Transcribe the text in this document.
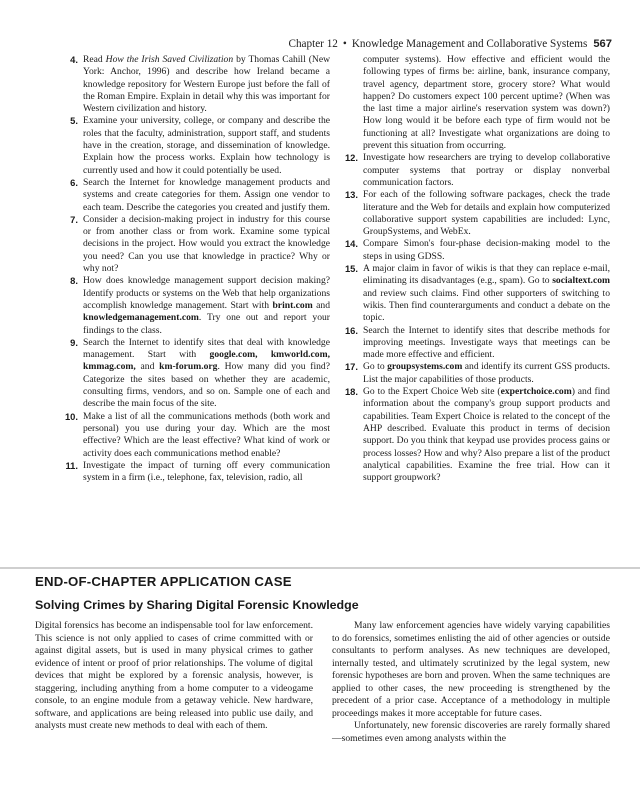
Chapter 12 • Knowledge Management and Collaborative Systems 567
4. Read How the Irish Saved Civilization by Thomas Cahill (New York: Anchor, 1996) and describe how Ireland became a knowledge repository for Western Europe just before the fall of the Roman Empire. Explain in detail why this was important for Western civilization and history.
5. Examine your university, college, or company and describe the roles that the faculty, administration, support staff, and students have in the creation, storage, and dissemination of knowledge. Explain how the process works. Explain how technology is currently used and how it could potentially be used.
6. Search the Internet for knowledge management products and systems and create categories for them. Assign one vendor to each team. Describe the categories you created and justify them.
7. Consider a decision-making project in industry for this course or from another class or from work. Examine some typical decisions in the project. How would you extract the knowledge you need? Can you use that knowledge in practice? Why or why not?
8. How does knowledge management support decision making? Identify products or systems on the Web that help organizations accomplish knowledge management. Start with brint.com and knowledgemanagement.com. Try one out and report your findings to the class.
9. Search the Internet to identify sites that deal with knowledge management. Start with google.com, kmworld.com, kmmag.com, and km-forum.org. How many did you find? Categorize the sites based on whether they are academic, consulting firms, vendors, and so on. Sample one of each and describe the main focus of the site.
10. Make a list of all the communications methods (both work and personal) you use during your day. Which are the most effective? Which are the least effective? What kind of work or activity does each communications method enable?
11. Investigate the impact of turning off every communication system in a firm (i.e., telephone, fax, television, radio, all
computer systems). How effective and efficient would the following types of firms be: airline, bank, insurance company, travel agency, department store, grocery store? What would happen? Do customers expect 100 percent uptime? (When was the last time a major airline's reservation system was down?) How long would it be before each type of firm would not be functioning at all? Investigate what organizations are doing to prevent this situation from occurring.
12. Investigate how researchers are trying to develop collaborative computer systems that portray or display nonverbal communication factors.
13. For each of the following software packages, check the trade literature and the Web for details and explain how computerized collaborative support system capabilities are included: Lync, GroupSystems, and WebEx.
14. Compare Simon's four-phase decision-making model to the steps in using GDSS.
15. A major claim in favor of wikis is that they can replace e-mail, eliminating its disadvantages (e.g., spam). Go to socialtext.com and review such claims. Find other supporters of switching to wikis. Then find counterarguments and conduct a debate on the topic.
16. Search the Internet to identify sites that describe methods for improving meetings. Investigate ways that meetings can be made more effective and efficient.
17. Go to groupsystems.com and identify its current GSS products. List the major capabilities of those products.
18. Go to the Expert Choice Web site (expertchoice.com) and find information about the company's group support products and capabilities. Team Expert Choice is related to the concept of the AHP described. Evaluate this product in terms of decision support. Do you think that keypad use provides process gains or process losses? How and why? Also prepare a list of the product analytical capabilities. Examine the free trial. How can it support groupwork?
END-OF-CHAPTER APPLICATION CASE
Solving Crimes by Sharing Digital Forensic Knowledge

Digital forensics has become an indispensable tool for law enforcement. This science is not only applied to cases of crime committed with or against digital assets, but is used in many physical crimes to gather evidence of intent or proof of prior relationships. The volume of digital devices that might be explored by a forensic analysis, however, is staggering, including anything from a home computer to a videogame console, to an engine module from a getaway vehicle. New hardware, software, and applications are being released into public use daily, and analysts must create new methods to deal with each of them.

Many law enforcement agencies have widely varying capabilities to do forensics, sometimes enlisting the aid of other agencies or outside consultants to perform analyses. As new techniques are developed, internally tested, and ultimately scrutinized by the legal system, new forensic hypotheses are born and proven. When the same techniques are applied to other cases, the new proceeding is strengthened by the precedent of a prior case. Acceptance of a methodology in multiple proceedings makes it more acceptable for future cases.

Unfortunately, new forensic discoveries are rarely formally shared—sometimes even among analysts within the
